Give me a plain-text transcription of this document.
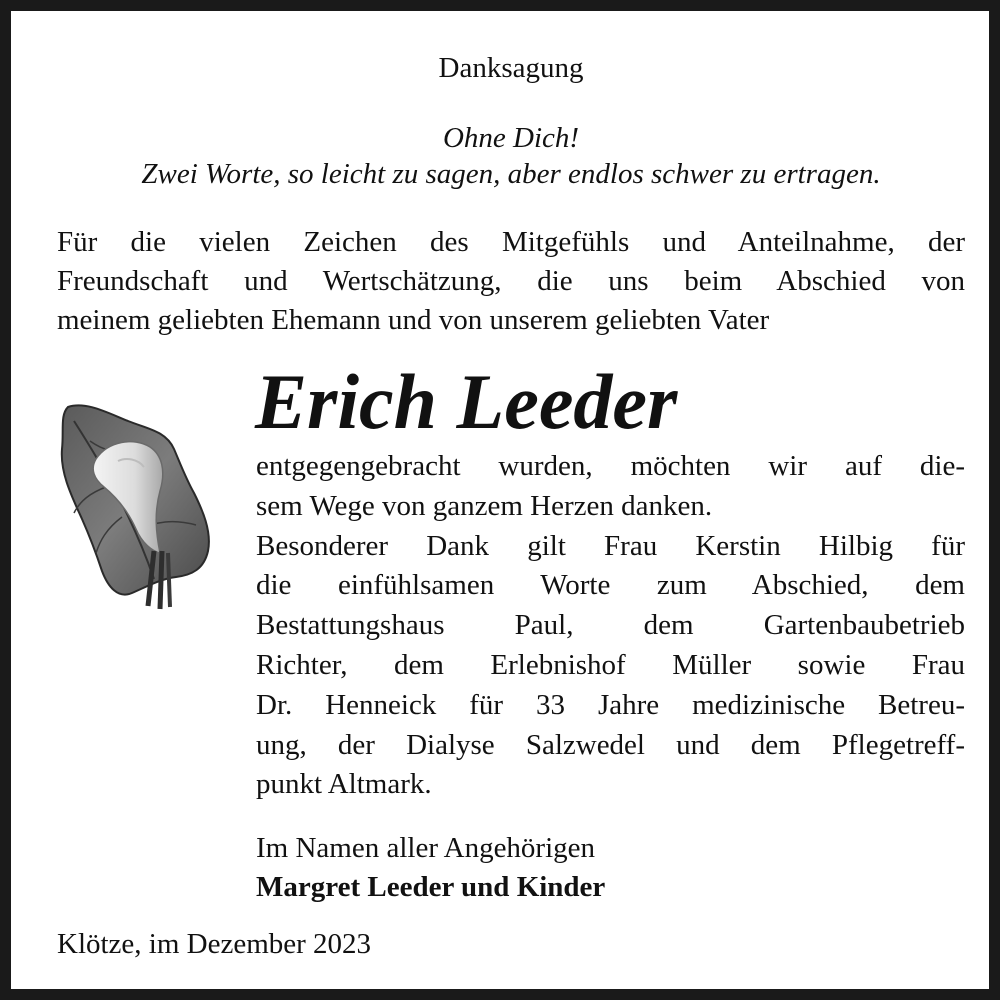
Danksagung
Ohne Dich!
Zwei Worte, so leicht zu sagen, aber endlos schwer zu ertragen.
Für die vielen Zeichen des Mitgefühls und Anteilnahme, der
Freundschaft und Wertschätzung, die uns beim Abschied von
meinem geliebten Ehemann und von unserem geliebten Vater
Erich Leeder
entgegengebracht wurden, möchten wir auf die-
sem Wege von ganzem Herzen danken.
Besonderer Dank gilt Frau Kerstin Hilbig für
die einfühlsamen Worte zum Abschied, dem
Bestattungshaus Paul, dem Gartenbaubetrieb
Richter, dem Erlebnishof Müller sowie Frau
Dr. Henneick für 33 Jahre medizinische Betreu-
ung, der Dialyse Salzwedel und dem Pflegetreff-
punkt Altmark.
Im Namen aller Angehörigen
Margret Leeder und Kinder
Klötze, im Dezember 2023
